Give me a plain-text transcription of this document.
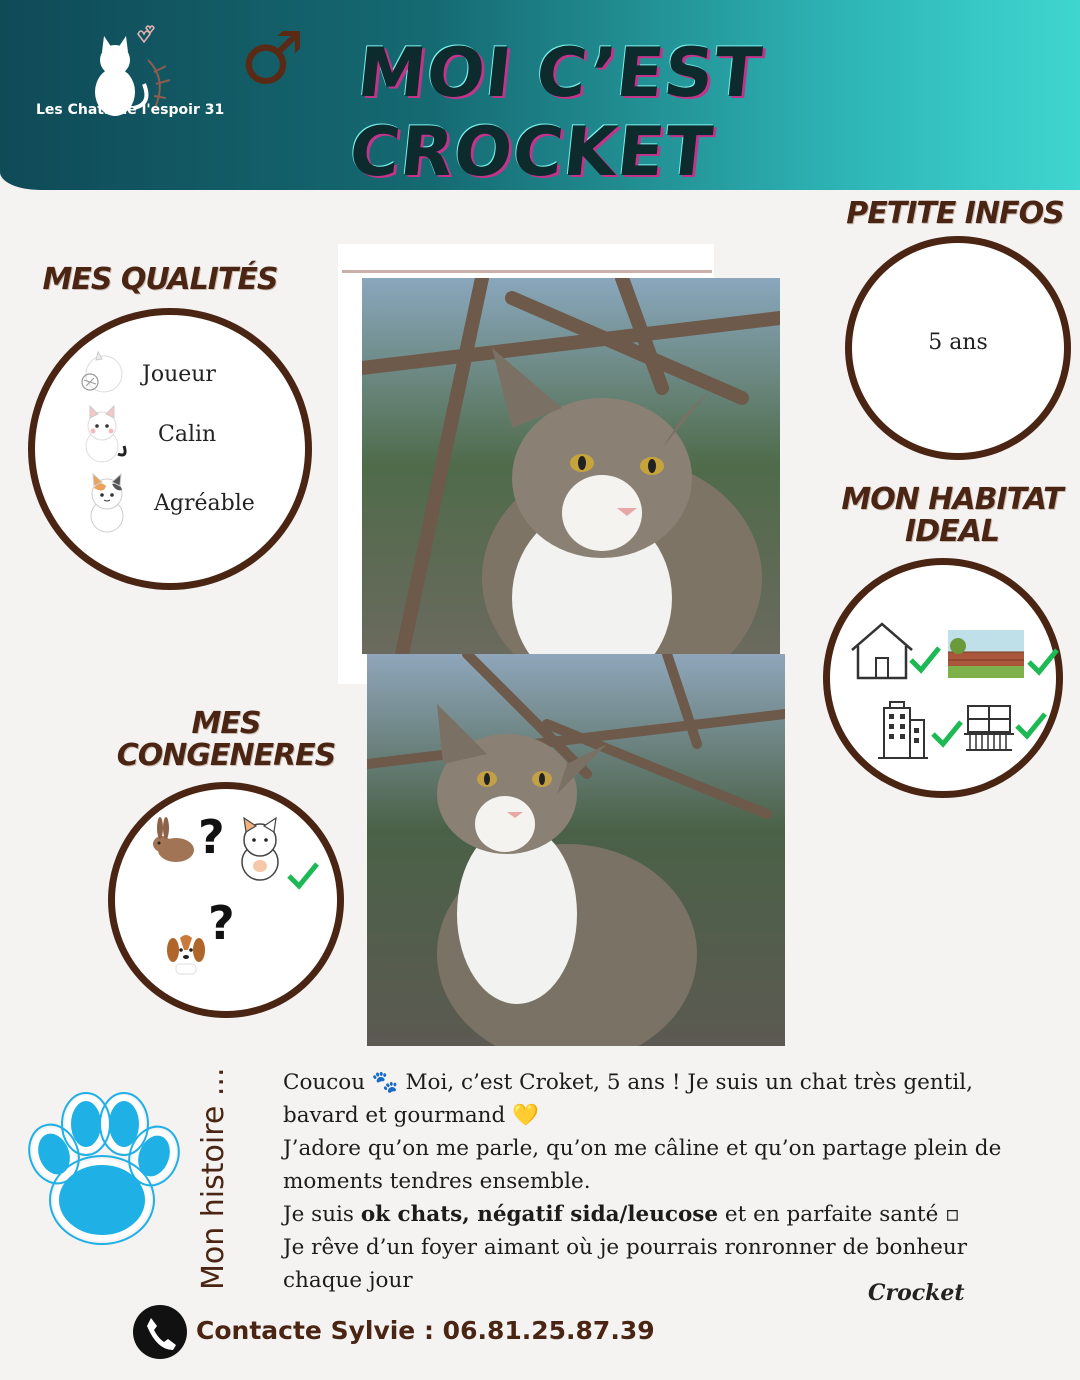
Les Chats de l'espoir 31
♂ MOI C’EST CROCKET
MES QUALITÉS
Joueur
Calin
Agréable
PETITE INFOS
5 ans
MON HABITAT
IDEAL
MES
CONGENERES
?
?
Mon histoire ... Coucou 🐾 Moi, c’est Croket, 5 ans ! Je suis un chat très gentil, bavard et gourmand 💛

J’adore qu’on me parle, qu’on me câline et qu’on partage plein de moments tendres ensemble.

Je suis ok chats, négatif sida/leucose et en parfaite santé ▫

Je rêve d’un foyer aimant où je pourrais ronronner de bonheur chaque jour	Crocket
Contacte Sylvie : 06.81.25.87.39
